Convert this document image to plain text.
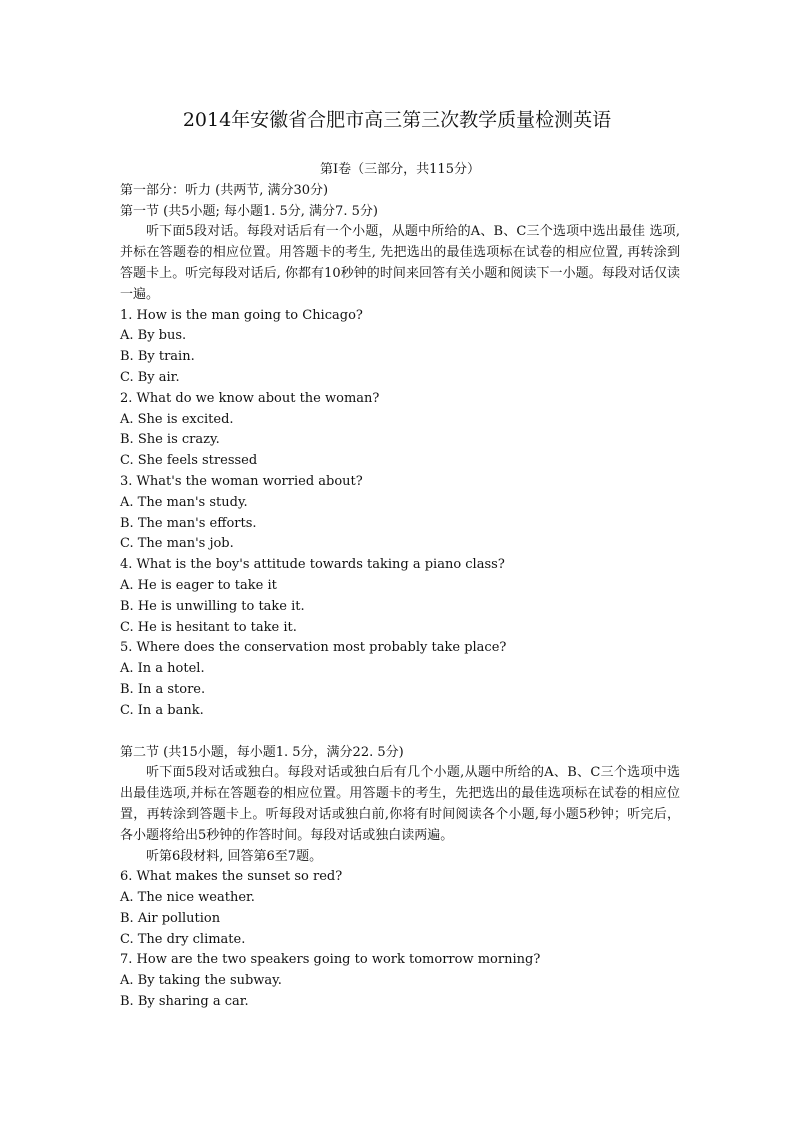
2014年安徽省合肥市高三第三次教学质量检测英语
第I卷（三部分，共115分）
第一部分：听力 (共两节, 满分30分)
第一节 (共5小题; 每小题1. 5分, 满分7. 5分)
听下面5段对话。每段对话后有一个小题，从题中所给的A、B、C三个选项中选出最佳 选项, 并标在答题卷的相应位置。用答题卡的考生, 先把选出的最佳选项标在试卷的相应位置, 再转涂到答题卡上。听完每段对话后, 你都有10秒钟的时间来回答有关小题和阅读下一小题。每段对话仅读一遍。
1. How is the man going to Chicago?
A. By bus.
B. By train.
C. By air.
2. What do we know about the woman?
A. She is excited.
B. She is crazy.
C. She feels stressed
3. What's the woman worried about?
A. The man's study.
B. The man's efforts.
C. The man's job.
4. What is the boy's attitude towards taking a piano class?
A. He is eager to take it
B. He is unwilling to take it.
C. He is hesitant to take it.
5. Where does the conservation most probably take place?
A. In a hotel.
B. In a store.
C. In a bank.
第二节 (共15小题，每小题1. 5分，满分22. 5分)
听下面5段对话或独白。每段对话或独白后有几个小题,从题中所给的A、B、C三个选项中选出最佳选项,并标在答题卷的相应位置。用答题卡的考生，先把选出的最佳选项标在试卷的相应位置，再转涂到答题卡上。听每段对话或独白前,你将有时间阅读各个小题,每小题5秒钟；听完后，各小题将给出5秒钟的作答时间。每段对话或独白读两遍。
听第6段材料, 回答第6至7题。
6. What makes the sunset so red?
A. The nice weather.
B. Air pollution
C. The dry climate.
7. How are the two speakers going to work tomorrow morning?
A. By taking the subway.
B. By sharing a car.
